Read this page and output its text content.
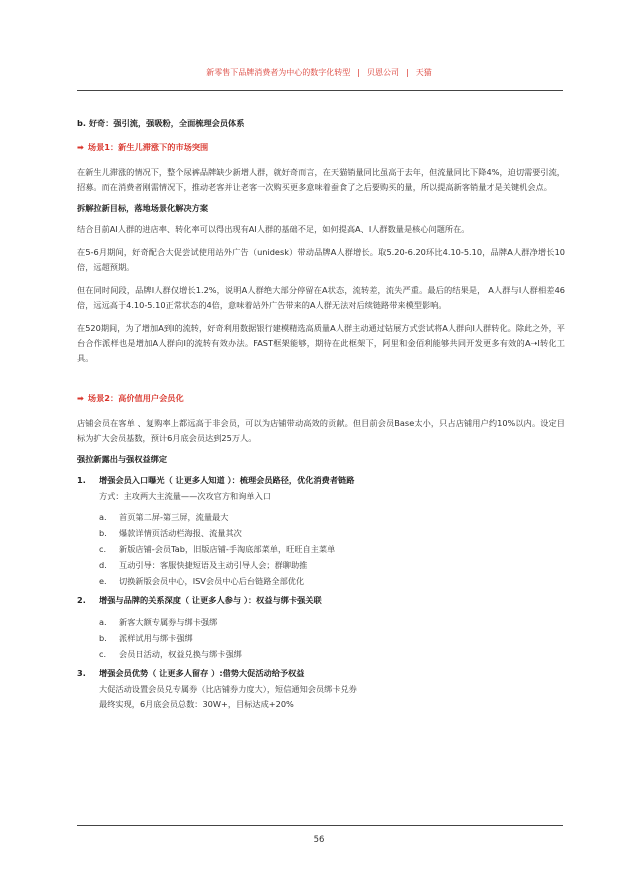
新零售下品牌消费者为中心的数字化转型 | 贝恩公司 | 天猫
b. 好奇：强引流，强吸粉，全面梳理会员体系
➡ 场景1：新生儿滞涨下的市场突围

在新生儿滞涨的情况下，整个尿裤品牌缺少新增人群，就好奇而言，在天猫销量同比虽高于去年，但流量同比下降4%，迫切需要引流，招募。而在消费者刚需情况下，推动老客并让老客一次购买更多意味着蚕食了之后要购买的量，所以提高新客销量才是关键机会点。

拆解拉新目标，落地场景化解决方案

结合目前AI人群的进店率、转化率可以得出现有AI人群的基础不足，如何提高A、I人群数量是核心问题所在。

在5-6月期间，好奇配合大促尝试使用站外广告（unidesk）带动品牌A人群增长。取5.20-6.20环比4.10-5.10，品牌A人群净增长10倍，远超预期。

但在同时间段，品牌I人群仅增长1.2%，说明A人群绝大部分停留在A状态，流转差，流失严重。最后的结果是， A人群与I人群相差46倍，远远高于4.10-5.10正常状态的4倍，意味着站外广告带来的A人群无法对后续链路带来模型影响。

在520期间，为了增加A到I的流转，好奇利用数据银行建模精选高质量A人群主动通过钻展方式尝试将A人群向I人群转化。除此之外，平台合作派样也是增加A人群向I的流转有效办法。FAST框架能够，期待在此框架下，阿里和金佰利能够共同开发更多有效的A➝I转化工具。

➡ 场景2：高价值用户会员化

店铺会员在客单 、复购率上都远高于非会员，可以为店铺带动高效的贡献。但目前会员Base太小，只占店铺用户约10%以内。设定目标为扩大会员基数，预计6月底会员达到25万人。

强拉新露出与强权益绑定
1.	增强会员入口曝光（ 让更多人知道 ）：梳理会员路径，优化消费者链路
方式：主攻两大主流量——次攻官方和询单入口
a.	首页第二屏-第三屏，流量最大
b.	爆款详情页活动栏海报、流量其次
c.	新版店铺-会员Tab，旧版店铺-手淘底部菜单，旺旺自主菜单
d.	互动引导：客服快捷短语及主动引导人会；群聊助推
e.	切换新版会员中心，ISV会员中心后台链路全部优化
2.	增强与品牌的关系深度（ 让更多人参与 ）：权益与绑卡强关联
a.	新客大额专属券与绑卡强绑
b.	派样试用与绑卡强绑
c.	会员日活动，权益兑换与绑卡强绑
3.	增强会员优势（ 让更多人留存 ）:借势大促活动给予权益
大促活动设置会员兑专属券（比店铺券力度大），短信通知会员绑卡兑券
最终实现，6月底会员总数：30W+，目标达成+20%
56
